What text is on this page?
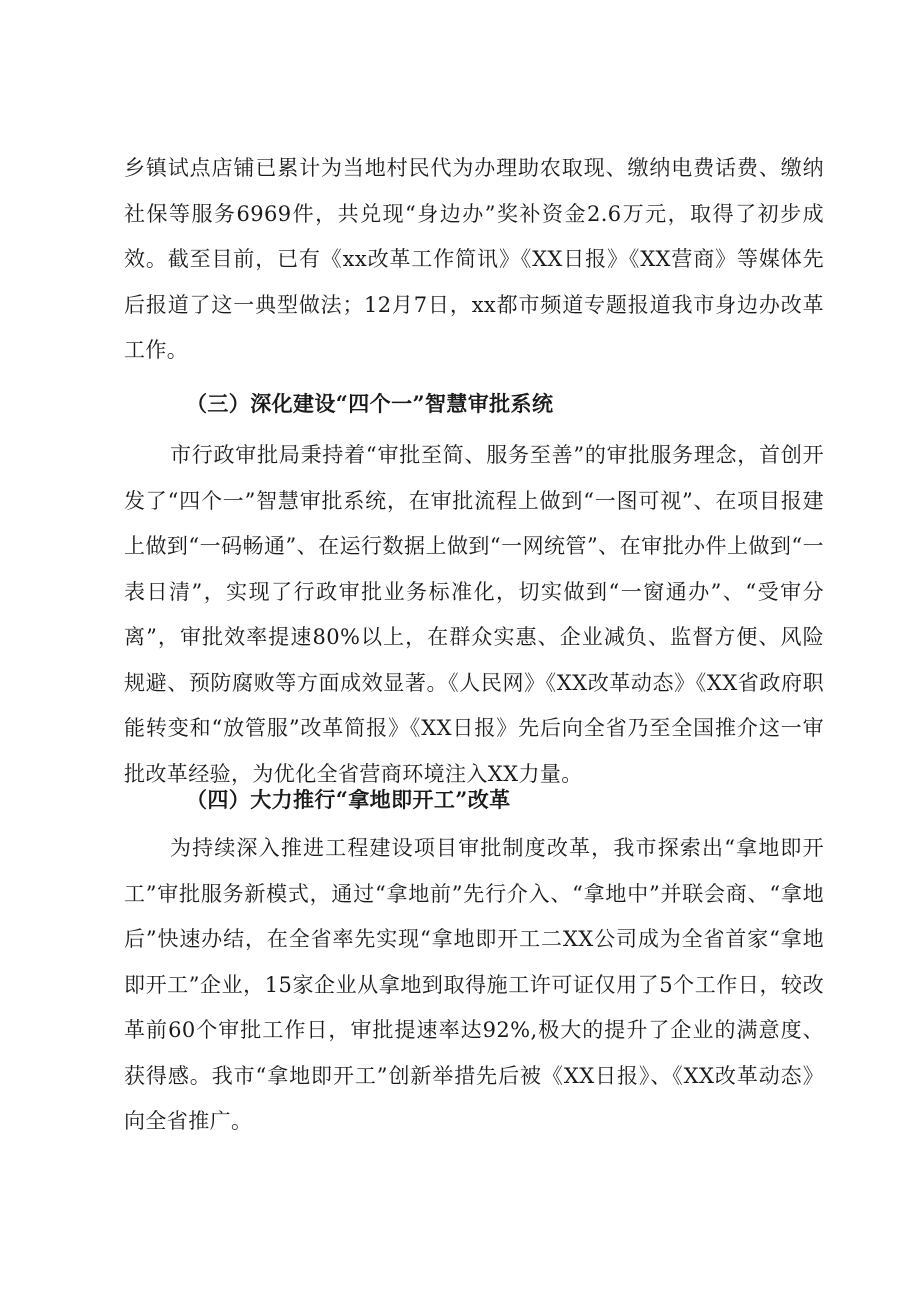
乡镇试点店铺已累计为当地村民代为办理助农取现、缴纳电费话费、缴纳社保等服务6969件，共兑现“身边办”奖补资金2.6万元，取得了初步成效。截至目前，已有《xx改革工作简讯》《XX日报》《XX营商》等媒体先后报道了这一典型做法；12月7日，xx都市频道专题报道我市身边办改革工作。

（三）深化建设“四个一”智慧审批系统

市行政审批局秉持着“审批至简、服务至善”的审批服务理念，首创开发了“四个一”智慧审批系统，在审批流程上做到“一图可视”、在项目报建上做到“一码畅通”、在运行数据上做到“一网统管”、在审批办件上做到“一表日清”，实现了行政审批业务标准化，切实做到“一窗通办”、“受审分离”，审批效率提速80%以上，在群众实惠、企业减负、监督方便、风险规避、预防腐败等方面成效显著。《人民网》《XX改革动态》《XX省政府职能转变和“放管服”改革简报》《XX日报》先后向全省乃至全国推介这一审批改革经验，为优化全省营商环境注入XX力量。

（四）大力推行“拿地即开工”改革

为持续深入推进工程建设项目审批制度改革，我市探索出“拿地即开工”审批服务新模式，通过“拿地前”先行介入、“拿地中”并联会商、“拿地后”快速办结，在全省率先实现“拿地即开工二XX公司成为全省首家“拿地即开工”企业，15家企业从拿地到取得施工许可证仅用了5个工作日，较改革前60个审批工作日，审批提速率达92%,极大的提升了企业的满意度、获得感。我市“拿地即开工”创新举措先后被《XX日报》、《XX改革动态》向全省推广。
